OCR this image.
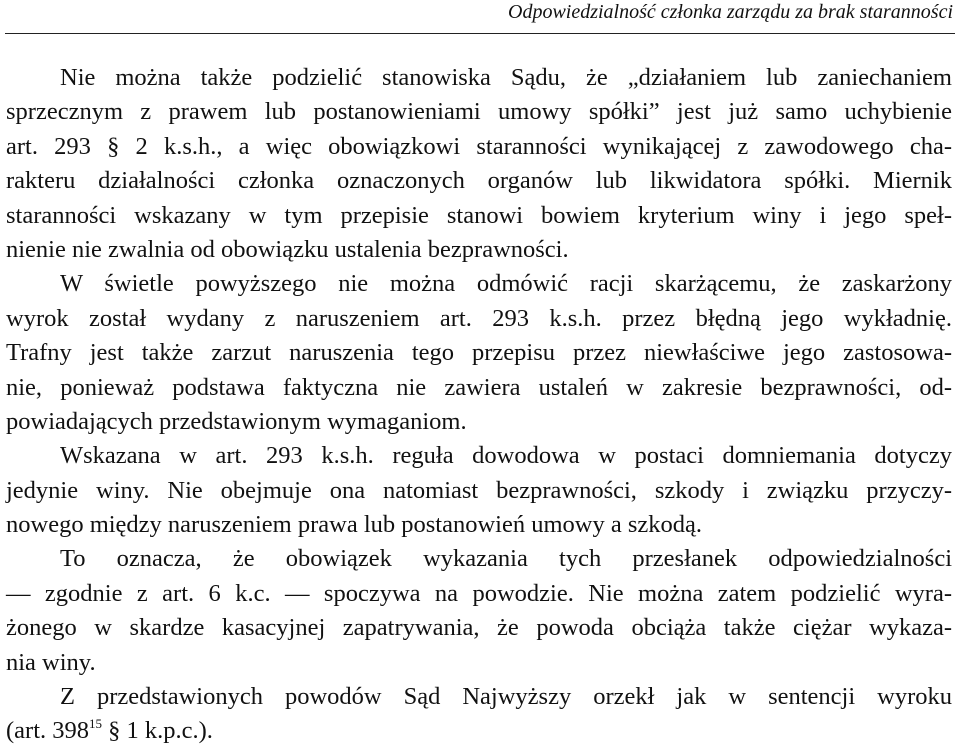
Odpowiedzialność członka zarządu za brak staranności
Nie można także podzielić stanowiska Sądu, że „działaniem lub zaniechaniem
sprzecznym z prawem lub postanowieniami umowy spółki” jest już samo uchybienie
art. 293 § 2 k.s.h., a więc obowiązkowi staranności wynikającej z zawodowego cha-
rakteru działalności członka oznaczonych organów lub likwidatora spółki. Miernik
staranności wskazany w tym przepisie stanowi bowiem kryterium winy i jego speł-
nienie nie zwalnia od obowiązku ustalenia bezprawności.
W świetle powyższego nie można odmówić racji skarżącemu, że zaskarżony
wyrok został wydany z naruszeniem art. 293 k.s.h. przez błędną jego wykładnię.
Trafny jest także zarzut naruszenia tego przepisu przez niewłaściwe jego zastosowa-
nie, ponieważ podstawa faktyczna nie zawiera ustaleń w zakresie bezprawności, od-
powiadających przedstawionym wymaganiom.
Wskazana w art. 293 k.s.h. reguła dowodowa w postaci domniemania dotyczy
jedynie winy. Nie obejmuje ona natomiast bezprawności, szkody i związku przyczy-
nowego między naruszeniem prawa lub postanowień umowy a szkodą.
To oznacza, że obowiązek wykazania tych przesłanek odpowiedzialności
— zgodnie z art. 6 k.c. — spoczywa na powodzie. Nie można zatem podzielić wyra-
żonego w skardze kasacyjnej zapatrywania, że powoda obciąża także ciężar wykaza-
nia winy.
Z przedstawionych powodów Sąd Najwyższy orzekł jak w sentencji wyroku
(art. $398^{15}$ § 1 k.p.c.).
